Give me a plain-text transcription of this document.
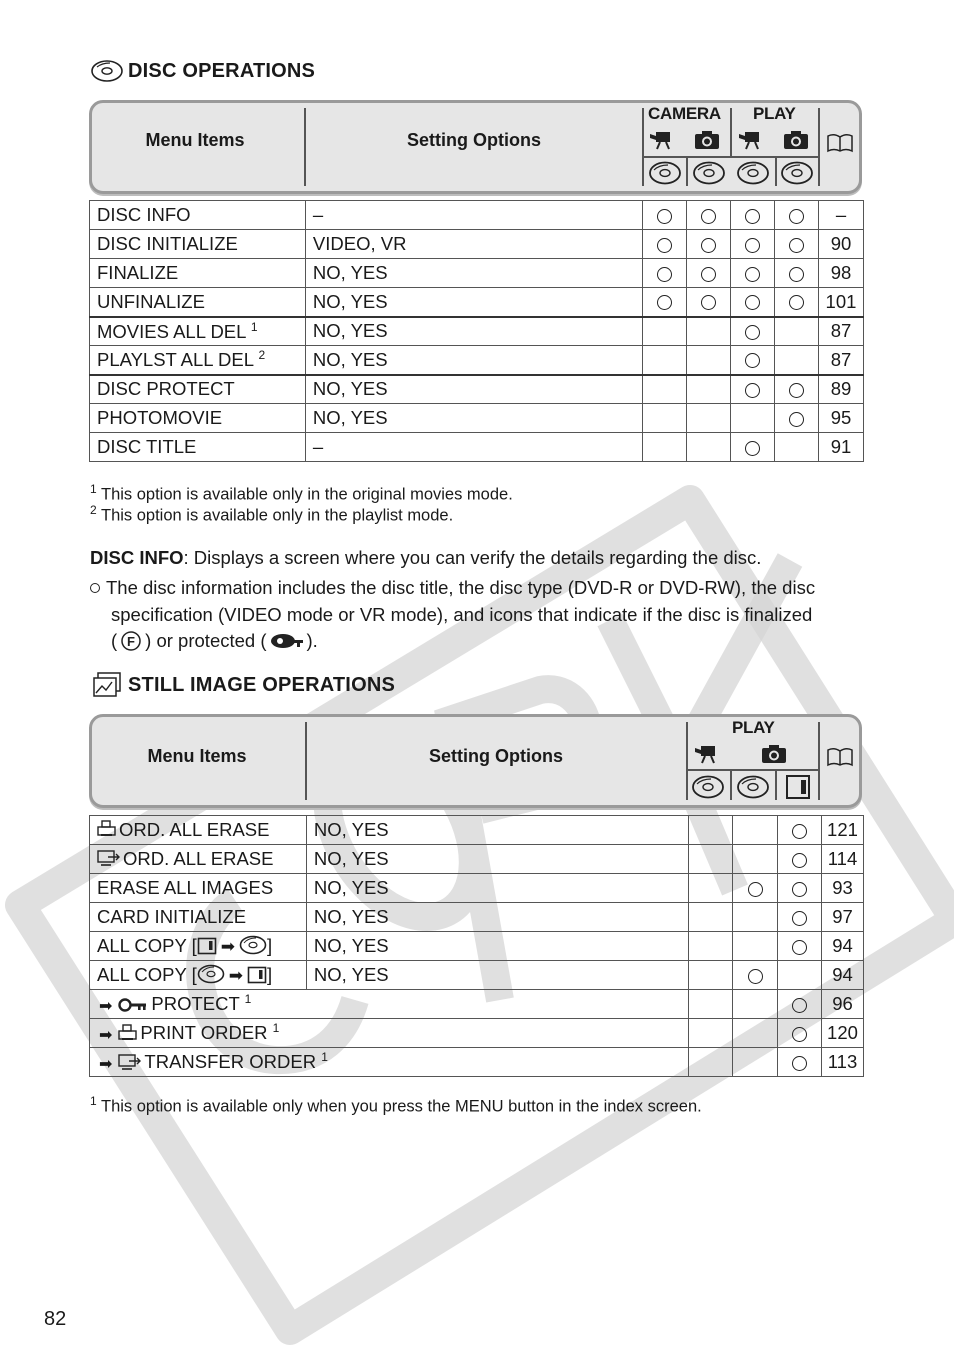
DISC OPERATIONS
Menu Items	Setting Options
CAMERA PLAY
DISC INFO	–					–
DISC INITIALIZE	VIDEO, VR					90
FINALIZE	NO, YES					98
UNFINALIZE	NO, YES					101
MOVIES ALL DEL $^1$	NO, YES					87
PLAYLST ALL DEL $^2$	NO, YES					87
DISC PROTECT	NO, YES					89
PHOTOMOVIE	NO, YES					95
DISC TITLE	–					91
$^1$ This option is available only in the original movies mode.
$^2$ This option is available only in the playlist mode.
DISC INFO: Displays a screen where you can verify the details regarding the disc.
The disc information includes the disc title, the disc type (DVD-R or DVD-RW), the disc
specification (VIDEO mode or VR mode), and icons that indicate if the disc is finalized
( F ) or protected ( ).
STILL IMAGE OPERATIONS
Menu Items	Setting Options
PLAY
ORD. ALL ERASE	NO, YES				121
ORD. ALL ERASE	NO, YES				114
ERASE ALL IMAGES	NO, YES				93
CARD INITIALIZE	NO, YES				97
ALL COPY [ ➡ ]	NO, YES				94
ALL COPY [ ➡ ]	NO, YES				94
➡ PROTECT $^1$					96
➡ PRINT ORDER $^1$					120
➡ TRANSFER ORDER $^1$					113
$^1$ This option is available only when you press the MENU button in the index screen.
82
